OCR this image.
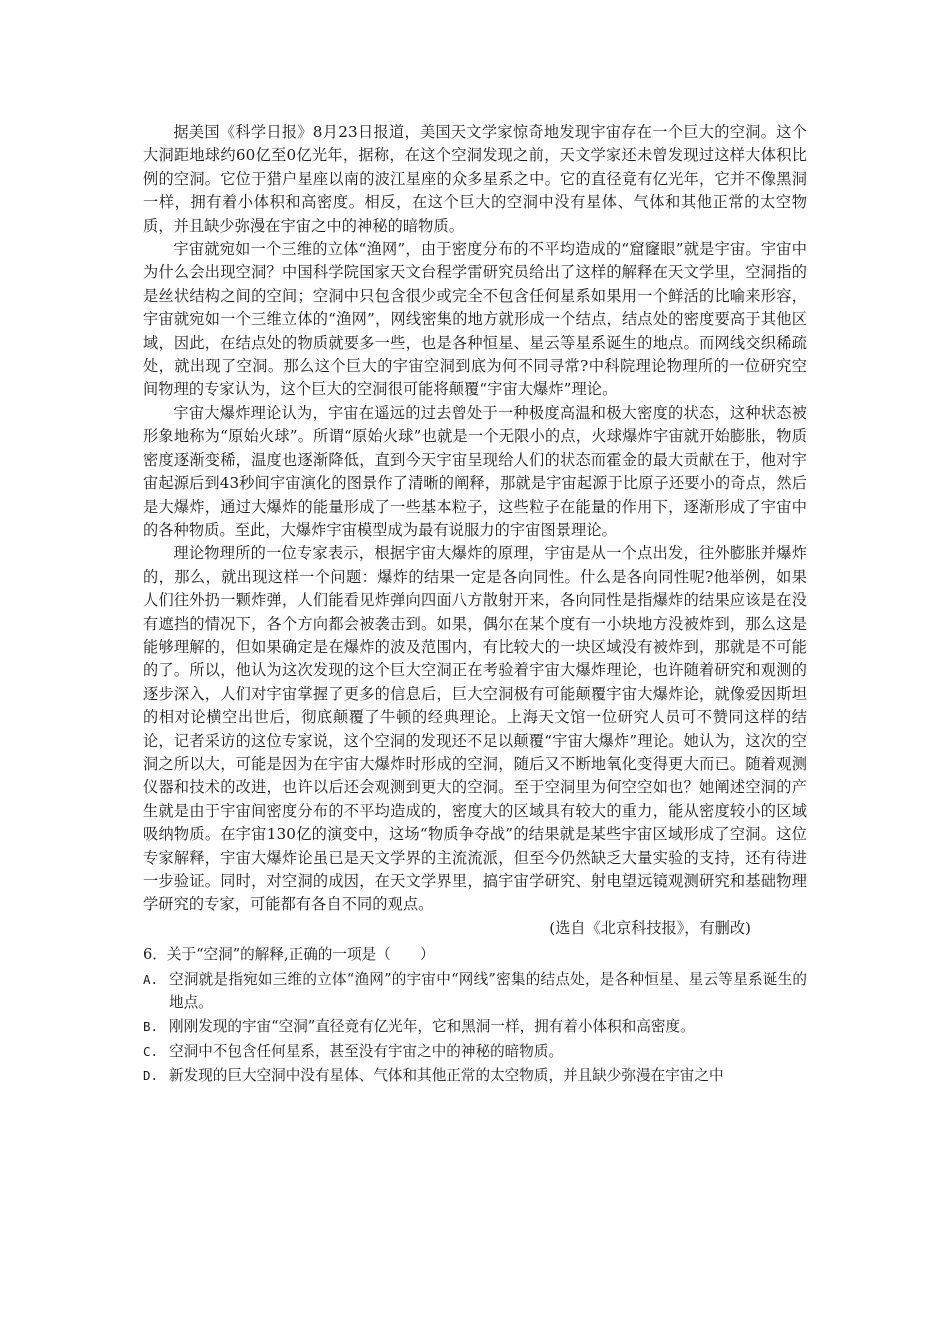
据美国《科学日报》8月23日报道，美国天文学家惊奇地发现宇宙存在一个巨大的空洞。这个大洞距地球约60亿至0亿光年，据称，在这个空洞发现之前，天文学家还未曾发现过这样大体积比例的空洞。它位于猎户星座以南的波江星座的众多星系之中。它的直径竟有亿光年，它并不像黑洞一样，拥有着小体积和高密度。相反，在这个巨大的空洞中没有星体、气体和其他正常的太空物质，并且缺少弥漫在宇宙之中的神秘的暗物质。

宇宙就宛如一个三维的立体“渔网”，由于密度分布的不平均造成的“窟窿眼”就是宇宙。宇宙中为什么会出现空洞？中国科学院国家天文台程学雷研究员给出了这样的解释在天文学里，空洞指的是丝状结构之间的空间；空洞中只包含很少或完全不包含任何星系如果用一个鲜活的比喻来形容，宇宙就宛如一个三维立体的“渔网”，网线密集的地方就形成一个结点，结点处的密度要高于其他区域，因此，在结点处的物质就要多一些，也是各种恒星、星云等星系诞生的地点。而网线交织稀疏处，就出现了空洞。那么这个巨大的宇宙空洞到底为何不同寻常?中科院理论物理所的一位研究空间物理的专家认为，这个巨大的空洞很可能将颠覆“宇宙大爆炸”理论。

宇宙大爆炸理论认为，宇宙在遥远的过去曾处于一种极度高温和极大密度的状态，这种状态被形象地称为“原始火球”。所谓“原始火球”也就是一个无限小的点，火球爆炸宇宙就开始膨胀，物质密度逐渐变稀，温度也逐渐降低，直到今天宇宙呈现给人们的状态而霍金的最大贡献在于，他对宇宙起源后到43秒间宇宙演化的图景作了清晰的阐释，那就是宇宙起源于比原子还要小的奇点，然后是大爆炸，通过大爆炸的能量形成了一些基本粒子，这些粒子在能量的作用下，逐渐形成了宇宙中的各种物质。至此，大爆炸宇宙模型成为最有说服力的宇宙图景理论。

理论物理所的一位专家表示，根据宇宙大爆炸的原理，宇宙是从一个点出发，往外膨胀并爆炸的，那么，就出现这样一个问题：爆炸的结果一定是各向同性。什么是各向同性呢?他举例，如果人们往外扔一颗炸弹，人们能看见炸弹向四面八方散射开来，各向同性是指爆炸的结果应该是在没有遮挡的情况下，各个方向都会被袭击到。如果，偶尔在某个度有一小块地方没被炸到，那么这是能够理解的，但如果确定是在爆炸的波及范围内，有比较大的一块区域没有被炸到，那就是不可能的了。所以，他认为这次发现的这个巨大空洞正在考验着宇宙大爆炸理论，也许随着研究和观测的逐步深入，人们对宇宙掌握了更多的信息后，巨大空洞极有可能颠覆宇宙大爆炸论，就像爱因斯坦的相对论横空出世后，彻底颠覆了牛顿的经典理论。上海天文馆一位研究人员可不赞同这样的结论，记者采访的这位专家说，这个空洞的发现还不足以颠覆“宇宙大爆炸”理论。她认为，这次的空洞之所以大，可能是因为在宇宙大爆炸时形成的空洞，随后又不断地氧化变得更大而已。随着观测仪器和技术的改进，也许以后还会观测到更大的空洞。至于空洞里为何空空如也？她阐述空洞的产生就是由于宇宙间密度分布的不平均造成的，密度大的区域具有较大的重力，能从密度较小的区域吸纳物质。在宇宙130亿的演变中，这场“物质争夺战”的结果就是某些宇宙区域形成了空洞。这位专家解释，宇宙大爆炸论虽已是天文学界的主流流派，但至今仍然缺乏大量实验的支持，还有待进一步验证。同时，对空洞的成因，在天文学界里，搞宇宙学研究、射电望远镜观测研究和基础物理学研究的专家，可能都有各自不同的观点。

(选自《北京科技报》，有删改)

6．关于“空洞”的解释,正确的一项是（　　）

A. 空洞就是指宛如三维的立体“渔网”的宇宙中“网线”密集的结点处，是各种恒星、星云等星系诞生的地点。
B. 刚刚发现的宇宙“空洞”直径竟有亿光年，它和黑洞一样，拥有着小体积和高密度。
C. 空洞中不包含任何星系，甚至没有宇宙之中的神秘的暗物质。
D. 新发现的巨大空洞中没有星体、气体和其他正常的太空物质，并且缺少弥漫在宇宙之中
